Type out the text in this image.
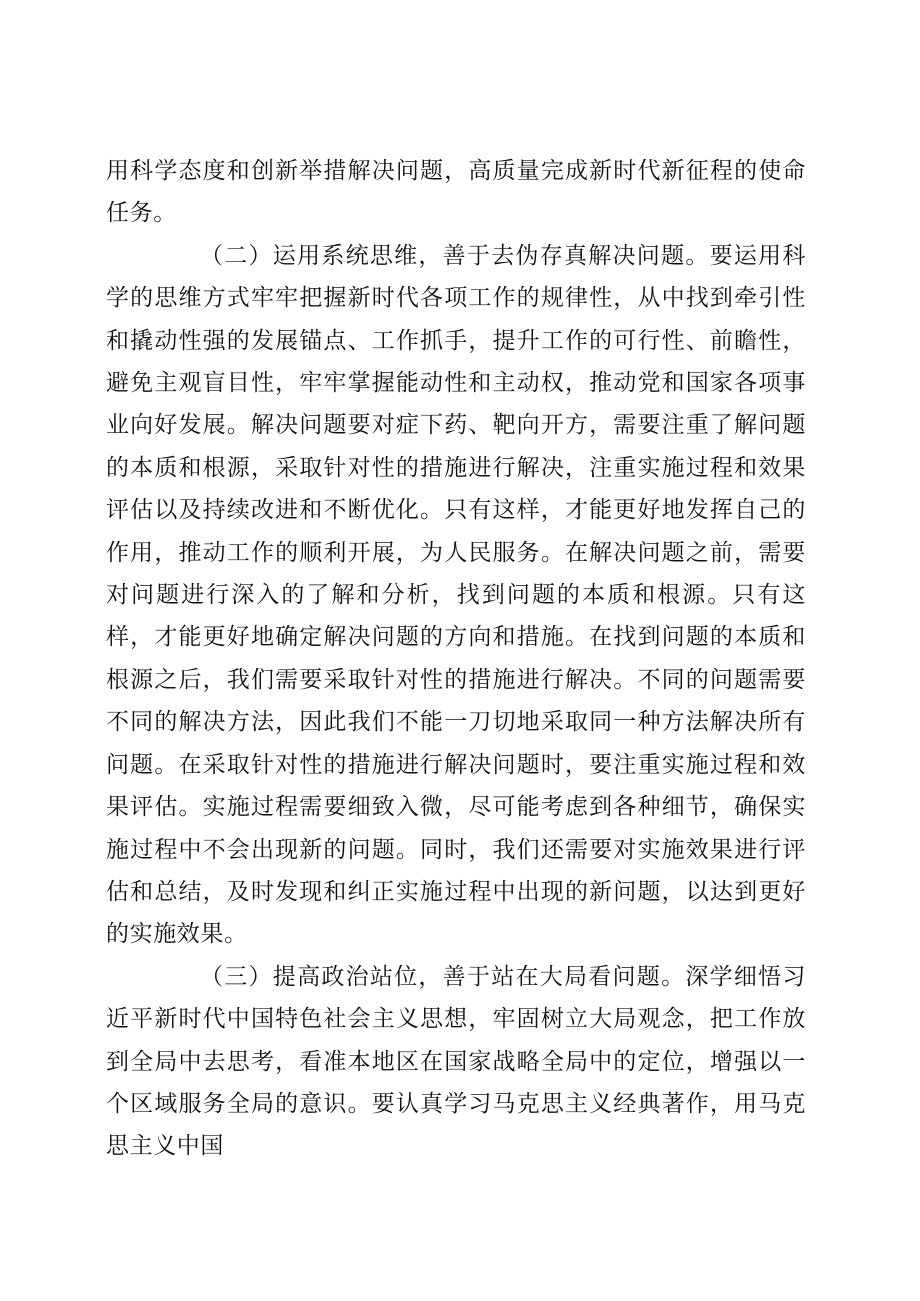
用科学态度和创新举措解决问题，高质量完成新时代新征程的使命任务。

（二）运用系统思维，善于去伪存真解决问题。要运用科学的思维方式牢牢把握新时代各项工作的规律性，从中找到牵引性和撬动性强的发展锚点、工作抓手，提升工作的可行性、前瞻性，避免主观盲目性，牢牢掌握能动性和主动权，推动党和国家各项事业向好发展。解决问题要对症下药、靶向开方，需要注重了解问题的本质和根源，采取针对性的措施进行解决，注重实施过程和效果评估以及持续改进和不断优化。只有这样，才能更好地发挥自己的作用，推动工作的顺利开展，为人民服务。在解决问题之前，需要对问题进行深入的了解和分析，找到问题的本质和根源。只有这样，才能更好地确定解决问题的方向和措施。在找到问题的本质和根源之后，我们需要采取针对性的措施进行解决。不同的问题需要不同的解决方法，因此我们不能一刀切地采取同一种方法解决所有问题。在采取针对性的措施进行解决问题时，要注重实施过程和效果评估。实施过程需要细致入微，尽可能考虑到各种细节，确保实施过程中不会出现新的问题。同时，我们还需要对实施效果进行评估和总结，及时发现和纠正实施过程中出现的新问题，以达到更好的实施效果。

（三）提高政治站位，善于站在大局看问题。深学细悟习近平新时代中国特色社会主义思想，牢固树立大局观念，把工作放到全局中去思考，看准本地区在国家战略全局中的定位，增强以一个区域服务全局的意识。要认真学习马克思主义经典著作，用马克思主义中国
